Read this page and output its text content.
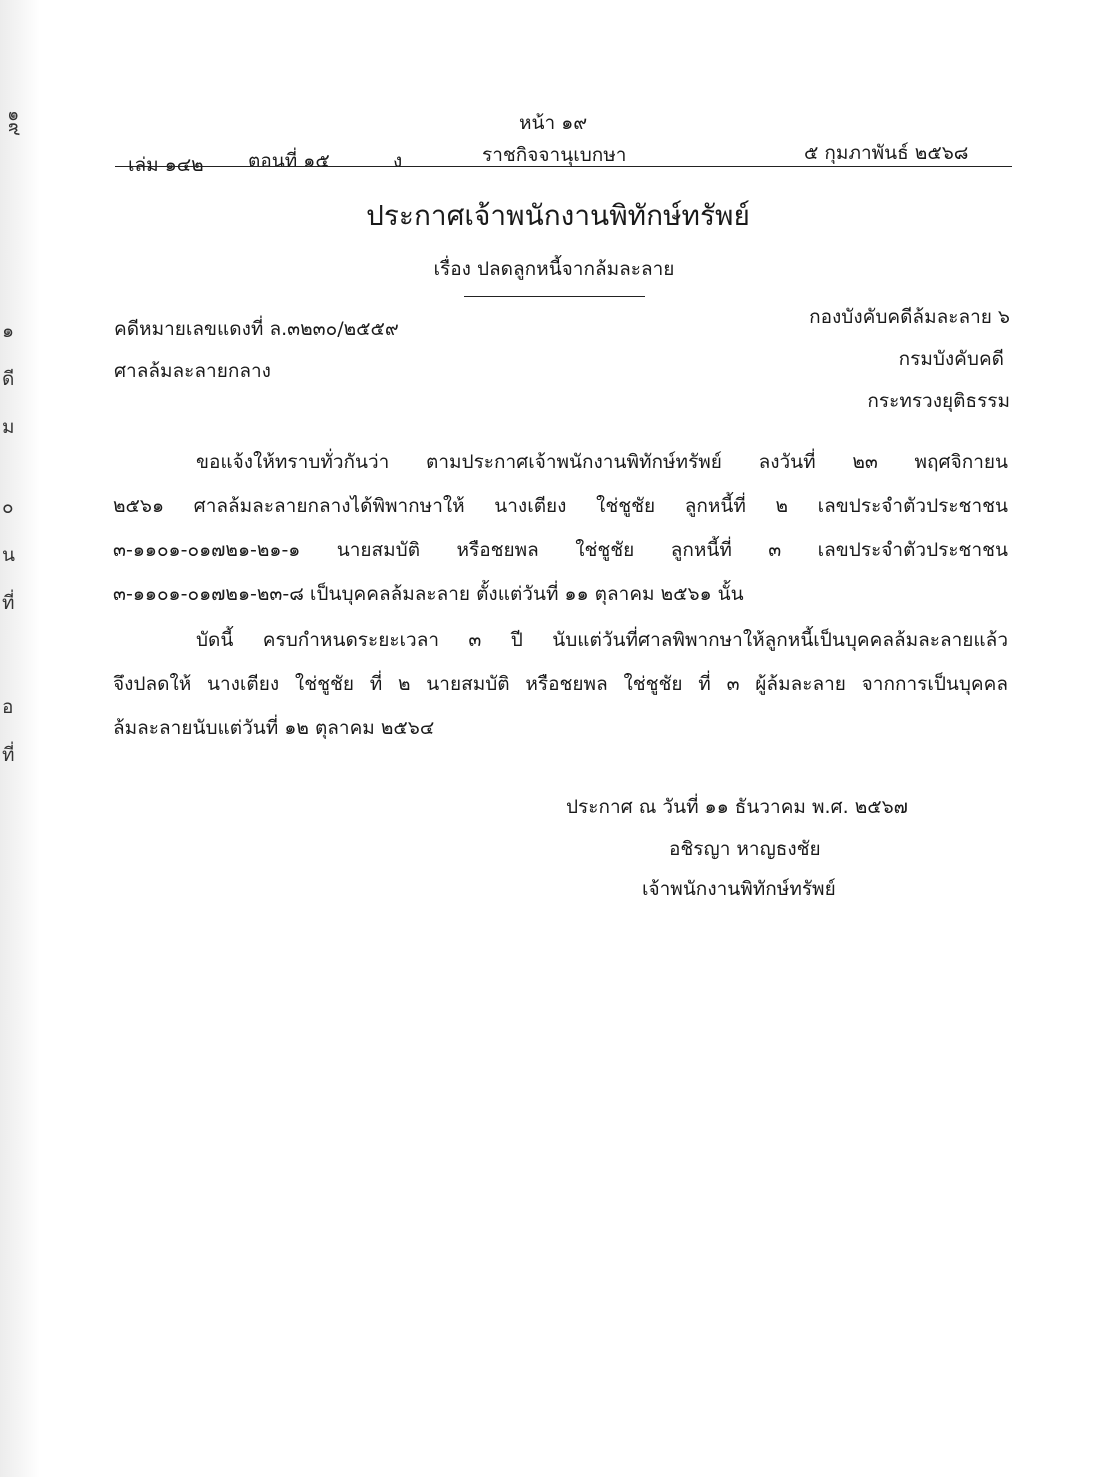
๑๙
๑
ดี
ม
๐
น
ที่
อ
ที่
หน้า ๑๙
เล่ม ๑๔๒ ตอนที่ ๑๕	ง	ราชกิจจานุเบกษา	๕ กุมภาพันธ์ ๒๕๖๘
ประกาศเจ้าพนักงานพิทักษ์ทรัพย์
เรื่อง ปลดลูกหนี้จากล้มละลาย
คดีหมายเลขแดงที่ ล.๓๒๓๐/๒๕๕๙
ศาลล้มละลายกลาง
กองบังคับคดีล้มละลาย ๖
กรมบังคับคดี
กระทรวงยุติธรรม
ขอแจ้งให้ทราบทั่วกันว่า ตามประกาศเจ้าพนักงานพิทักษ์ทรัพย์ ลงวันที่ ๒๓ พฤศจิกายน
๒๕๖๑ ศาลล้มละลายกลางได้พิพากษาให้ นางเตียง ใช่ชูชัย ลูกหนี้ที่ ๒ เลขประจำตัวประชาชน
๓-๑๑๐๑-๐๑๗๒๑-๒๑-๑ นายสมบัติ หรือชยพล ใช่ชูชัย ลูกหนี้ที่ ๓ เลขประจำตัวประชาชน
๓-๑๑๐๑-๐๑๗๒๑-๒๓-๘ เป็นบุคคลล้มละลาย ตั้งแต่วันที่ ๑๑ ตุลาคม ๒๕๖๑ นั้น
บัดนี้ ครบกำหนดระยะเวลา ๓ ปี นับแต่วันที่ศาลพิพากษาให้ลูกหนี้เป็นบุคคลล้มละลายแล้ว
จึงปลดให้ นางเตียง ใช่ชูชัย ที่ ๒ นายสมบัติ หรือชยพล ใช่ชูชัย ที่ ๓ ผู้ล้มละลาย จากการเป็นบุคคล
ล้มละลายนับแต่วันที่ ๑๒ ตุลาคม ๒๕๖๔
ประกาศ ณ วันที่ ๑๑ ธันวาคม พ.ศ. ๒๕๖๗
อชิรญา หาญธงชัย
เจ้าพนักงานพิทักษ์ทรัพย์
